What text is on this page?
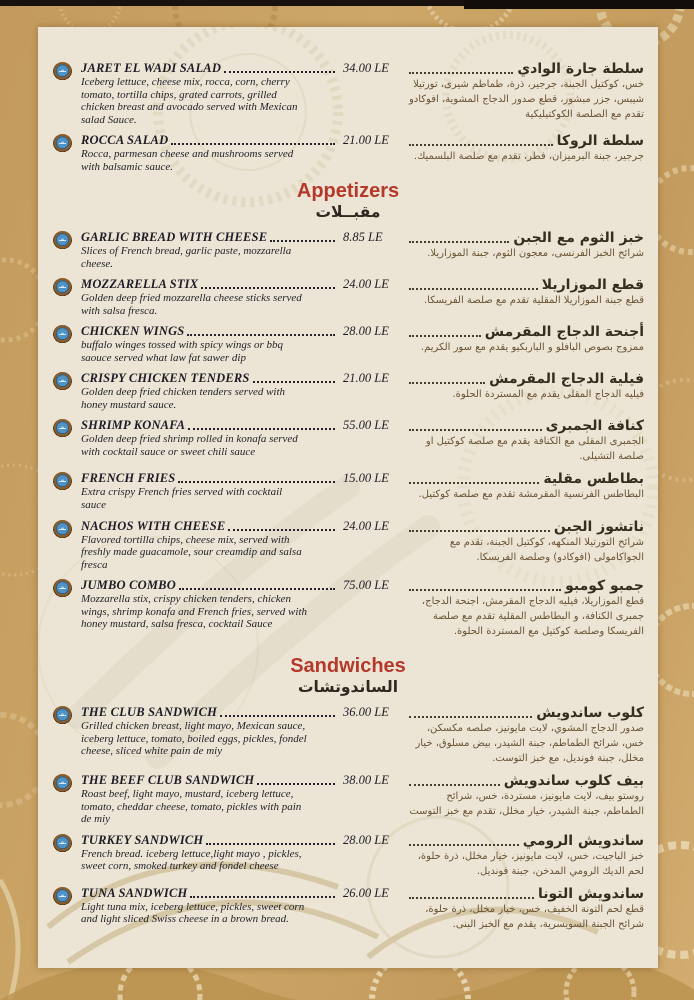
JARET EL WADI SALAD	34.00 LE
Iceberg lettuce, cheese mix, rocca, corn, cherry tomato, tortilla chips, grated carrots, grilled chicken breast and avocado served with Mexican salad Sauce.
سلطة جارة الوادي
خس، كوكتيل الجبنة، جرجير، ذرة، طماطم شيرى، تورتيلا شيبس، جزر مبشور، قطع صدور الدجاج المشوية، افوكادو تقدم مع الصلصة الكوكتيليكية
ROCCA SALAD	21.00 LE
Rocca, parmesan cheese and mushrooms served with balsamic sauce.
سلطة الروكا
جرجير، جبنة البرميزان، فطر، تقدم مع صلصة البلسميك.
Appetizers
مقبــلات
GARLIC BREAD WITH CHEESE	8.85 LE
Slices of French bread, garlic paste, mozzarella cheese.
خبز الثوم مع الجبن
شرائح الخبز الفرنسى، معجون الثوم، جبنة الموزاريلا.
MOZZARELLA STIX	24.00 LE
Golden deep fried mozzarella cheese sticks served with salsa fresca.
قطع الموزاريلا
قطع جبنة الموزاريلا المقلية تقدم مع صلصة الفريسكا.
CHICKEN WINGS	28.00 LE
buffalo winges tossed with spicy wings or bbq saouce served what law fat sawer dip
أجنحة الدجاج المقرمش
ممزوج بصوص البافلو و الباربكيو يقدم مع سور الكريم.
CRISPY CHICKEN TENDERS	21.00 LE
Golden deep fried chicken tenders served with honey mustard sauce.
فيلية الدجاج المقرمش
فيليه الدجاج المقلى يقدم مع المستردة الحلوة.
SHRIMP KONAFA	55.00 LE
Golden deep fried shrimp rolled in konafa served with cocktail sauce or sweet chili sauce
كنافة الجمبرى
الجمبرى المقلى مع الكنافة يقدم مع صلصة كوكتيل او صلصة التشيلى.
FRENCH FRIES	15.00 LE
Extra crispy French fries served with cocktail sauce
بطاطس مقلية
البطاطس الفرنسية المقرمشة تقدم مع صلصة كوكتيل.
NACHOS WITH CHEESE	24.00 LE
Flavored tortilla chips, cheese mix, served with freshly made guacamole, sour creamdip and salsa fresca
ناتشوز الجبن
شرائح التورتيلا المنكهه، كوكتيل الجبنة، تقدم مع الجواكامولى (افوكادو) وصلصة الفريسكا.
JUMBO COMBO	75.00 LE
Mozzarella stix, crispy chicken tenders, chicken wings, shrimp konafa and French fries, served with honey mustard, salsa fresca, cocktail Sauce
جمبو كومبو
قطع الموزاريلا، فيليه الدجاج المقرمش، اجنحة الدجاج، جمبرى الكنافة، و البطاطس المقلية تقدم مع صلصة الفريسكا وصلصة كوكتيل مع المستردة الحلوة.
Sandwiches
الساندوتشات
THE CLUB SANDWICH	36.00 LE
Grilled chicken breast, light mayo, Mexican sauce, iceberg lettuce, tomato, boiled eggs, pickles, fondel cheese, sliced white pain de miy
كلوب ساندويش
صدور الدجاج المشوي، لايت مايونيز، صلصه مكسكن، خس، شرائح الطماطم، جبنة الشيدر، بيض مسلوق، خيار مخلل، جبنة فونديل، مع خبز التوست.
THE BEEF CLUB SANDWICH	38.00 LE
Roast beef, light mayo, mustard, iceberg lettuce, tomato, cheddar cheese, tomato, pickles with pain de miy
بيف كلوب ساندويش
روستو بيف، لايت مايونيز، مستردة، خس، شرائح الطماطم، جبنة الشيدر، خيار مخلل، تقدم مع خبز التوست
TURKEY SANDWICH	28.00 LE
French bread. iceberg lettuce,light mayo , pickles, sweet corn, smoked turkey and fondel cheese
ساندويش الرومي
خبز الباجيت، خس، لايت مايونيز، خيار مخلل، ذرة حلوة، لحم الديك الرومي المدخن، جبنة فونديل.
TUNA SANDWICH	26.00 LE
Light tuna mix, iceberg lettuce, pickles, sweet corn and light sliced Swiss cheese in a brown bread.
ساندويش التونا
قطع لحم التونة الخفيف، خس، خيار مخلل، ذرة حلوة، شرائح الجبنة السويسرية، يقدم مع الخبز البنى.
